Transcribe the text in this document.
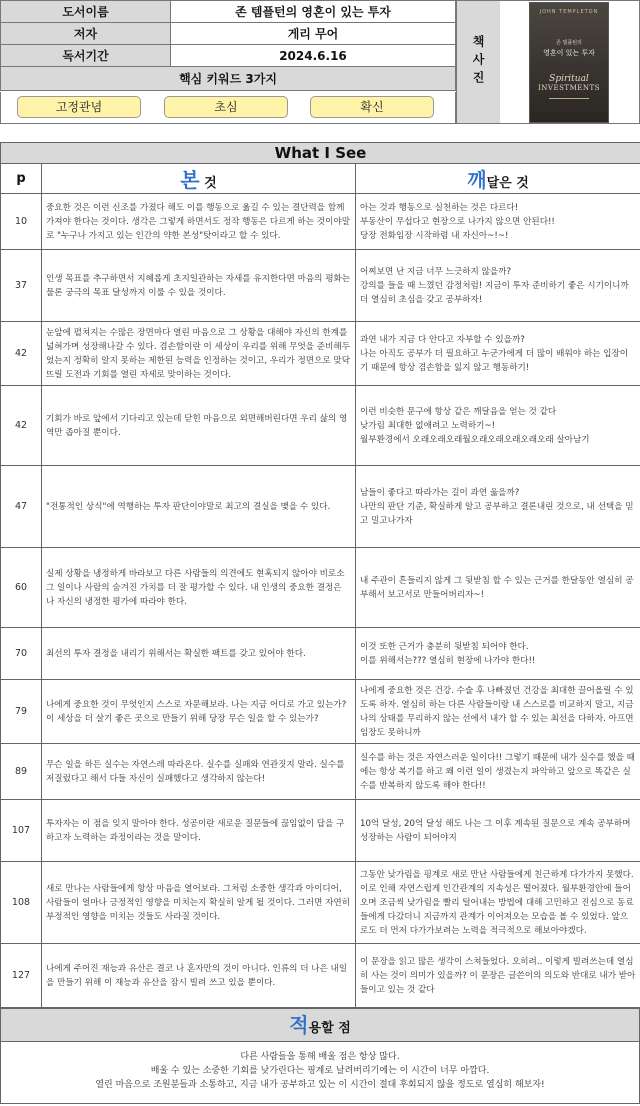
도서이름	존 템플턴의 영혼이 있는 투자
저자	게리 무어
독서기간	2024.6.16
핵심 키워드 3가지	
고정관념	초심	확신
책사진
JOHN TEMPLETON
존 템플턴의
영혼이 있는 투자
Spiritual
INVESTMENTS
What I See		
p	본 것	깨달은 것
10	중요한 것은 이런 신조를 가졌다 해도 이를 행동으로 옮길 수 있는 결단력을 함께 가져야 한다는 것이다. 생각은 그렇게 하면서도 정작 행동은 다르게 하는 것이야말로 "누구나 가지고 있는 인간의 약한 본성"탓이라고 할 수 있다.	아는 것과 행동으로 실천하는 것은 다르다!
부동산이 무섭다고 현장으로 나가지 않으면 안된다!!
당장 전화임장 시작하렴 내 자신아~!~!
37	인생 목표를 추구하면서 지혜롭게 초지일관하는 자세를 유지한다면 마음의 평화는 물론 궁극의 목표 달성까지 이룰 수 있을 것이다.	어찌보면 난 지금 너무 느긋하지 않을까?
강의를 들을 때 느꼈던 감정처럼! 지금이 투자 준비하기 좋은 시기이니까 더 열심히 초심을 갖고 공부하자!
42	눈앞에 펼쳐지는 수많은 장면마다 열린 마음으로 그 상황을 대해야 자신의 한계를 넓혀가며 성장해나갈 수 있다. 겸손함이란 이 세상이 우리를 위해 무엇을 준비해두었는지 정확히 알지 못하는 제한된 능력을 인정하는 것이고, 우리가 정면으로 맞닥뜨릴 도전과 기회를 열린 자세로 맞이하는 것이다.	과연 내가 지금 다 안다고 자부할 수 있을까?
나는 아직도 공부가 더 필요하고 누군가에게 더 많이 배워야 하는 입장이기 때문에 항상 겸손함을 잃지 않고 행동하기!
42	기회가 바로 앞에서 기다리고 있는데 닫힌 마음으로 외면해버린다면 우리 삶의 영역만 좁아질 뿐이다.	이런 비슷한 문구에 항상 같은 깨달음을 얻는 것 같다
낮가림 최대한 없애려고 노력하기~!
월부환경에서 오래오래오래월오래오래오래오래오래 살아남기
47	"전통적인 상식"에 역행하는 투자 판단이야말로 최고의 결실을 맺을 수 있다.	남들이 좋다고 따라가는 길이 과연 옳을까?
나만의 판단 기준, 확실하게 알고 공부하고 결론내린 것으로, 내 선택을 믿고 밀고나가자
60	실제 상황을 냉정하게 바라보고 다른 사람들의 의견에도 현혹되지 않아야 비로소 그 일이나 사람의 숨겨진 가치를 더 잘 평가할 수 있다. 내 인생의 중요한 결정은 나 자신의 냉정한 평가에 따라야 한다.	내 주관이 흔들리지 않게 그 뒷받침 할 수 있는 근거를 한달동안 열심히 공부해서 보고서로 만들어버리자~!
70	최선의 투자 결정을 내리기 위해서는 확실한 팩트를 갖고 있어야 한다.	이것 또한 근거가 충분히 뒷받침 되어야 한다.
이를 위해서는??? 열심히 현장에 나가야 한다!!
79	나에게 중요한 것이 무엇인지 스스로 자문해보라. 나는 지금 어디로 가고 있는가? 이 세상을 더 살기 좋은 곳으로 만들기 위해 당장 무슨 일을 할 수 있는가?	나에게 중요한 것은 건강. 수술 후 나빠졌던 건강을 최대한 끌어올릴 수 있도록 하자. 열심히 하는 다른 사람들이랑 내 스스로를 비교하지 말고, 지금 나의 상태를 무리하지 않는 선에서 내가 할 수 있는 최선을 다하자. 아프면 임장도 못하니까
89	무슨 일을 하든 실수는 자연스레 따라온다. 실수를 실패와 연관짓지 말라. 실수를 저질렀다고 해서 다들 자신이 실패했다고 생각하지 않는다!	실수를 하는 것은 자연스러운 일이다!! 그렇기 때문에 내가 실수를 했을 때에는 항상 복기를 하고 왜 이런 일이 생겼는지 파악하고 앞으로 똑같은 실수를 반복하지 않도록 해야 한다!!
107	투자자는 이 점을 잊지 말아야 한다. 성공이란 새로운 질문들에 끊임없이 답을 구하고자 노력하는 과정이라는 것을 말이다.	10억 달성, 20억 달성 해도 나는 그 이후 계속된 질문으로 계속 공부하며 성장하는 사람이 되어야지
108	새로 만나는 사람들에게 항상 마음을 열어보라. 그처럼 소중한 생각과 아이디어, 사람들이 얼마나 긍정적인 영향을 미치는지 확실히 알게 될 것이다. 그러면 자연히 부정적인 영향을 미치는 것들도 사라질 것이다.	그동안 낮가림을 핑계로 새로 만난 사람들에게 친근하게 다가가지 못했다. 이로 인해 자연스럽게 인간관계의 지속성은 떨어졌다. 월부환경안에 들어오며 조금씩 낮가림을 빨리 털어내는 방법에 대해 고민하고 진심으로 동료들에게 다갔더니 지금까지 관계가 이어져오는 모습을 볼 수 있었다. 앞으로도 더 먼저 다가가보려는 노력을 적극적으로 해보아야겠다.
127	나에게 주어진 재능과 유산은 결코 나 혼자만의 것이 아니다. 인류의 더 나은 내일을 만들기 위해 이 재능과 유산을 잠시 빌려 쓰고 있을 뿐이다.	이 문장을 읽고 많은 생각이 스쳐들었다. 오히려.. 이렇게 빌려쓰는데 열심히 사는 것이 의미가 있을까? 이 문장은 글쓴이의 의도와 반대로 내가 받아들이고 있는 것 같다
적용할 점
다른 사람들을 통해 배울 점은 항상 많다.
배울 수 있는 소중한 기회를 낮가린다는 핑계로 날려버리기에는 이 시간이 너무 아깝다.
열린 마음으로 조원분들과 소통하고, 지금 내가 공부하고 있는 이 시간이 절대 후회되지 않을 정도로 열심히 해보자!
